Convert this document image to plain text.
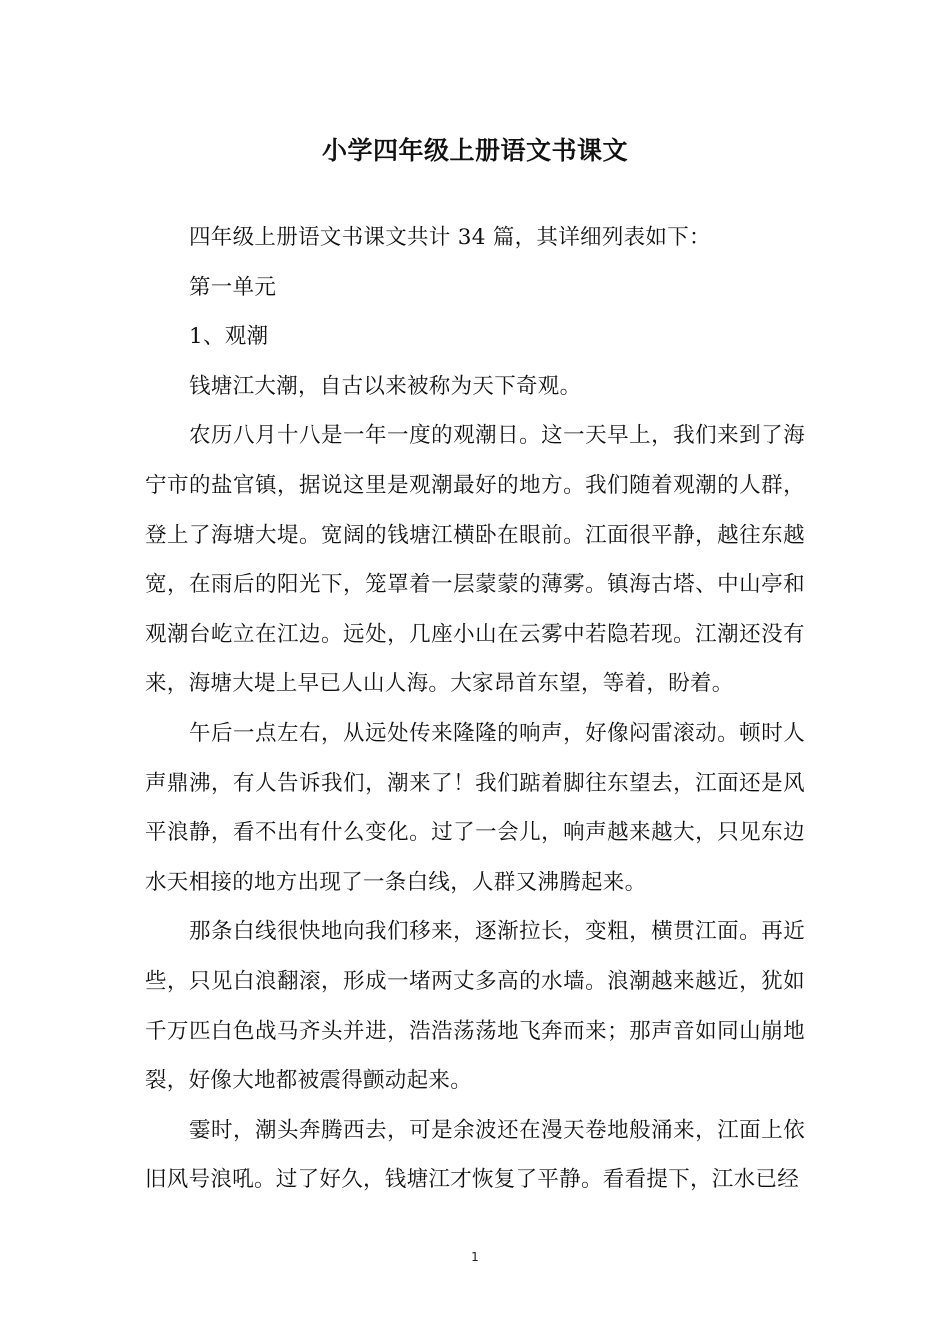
小学四年级上册语文书课文

四年级上册语文书课文共计 34 篇，其详细列表如下：

第一单元

1、观潮

钱塘江大潮，自古以来被称为天下奇观。

农历八月十八是一年一度的观潮日。这一天早上，我们来到了海宁市的盐官镇，据说这里是观潮最好的地方。我们随着观潮的人群，登上了海塘大堤。宽阔的钱塘江横卧在眼前。江面很平静，越往东越宽，在雨后的阳光下，笼罩着一层蒙蒙的薄雾。镇海古塔、中山亭和观潮台屹立在江边。远处，几座小山在云雾中若隐若现。江潮还没有来，海塘大堤上早已人山人海。大家昂首东望，等着，盼着。

午后一点左右，从远处传来隆隆的响声，好像闷雷滚动。顿时人声鼎沸，有人告诉我们，潮来了！我们踮着脚往东望去，江面还是风平浪静，看不出有什么变化。过了一会儿，响声越来越大，只见东边水天相接的地方出现了一条白线，人群又沸腾起来。

那条白线很快地向我们移来，逐渐拉长，变粗，横贯江面。再近些，只见白浪翻滚，形成一堵两丈多高的水墙。浪潮越来越近，犹如千万匹白色战马齐头并进，浩浩荡荡地飞奔而来；那声音如同山崩地裂，好像大地都被震得颤动起来。

霎时，潮头奔腾西去，可是余波还在漫天卷地般涌来，江面上依旧风号浪吼。过了好久，钱塘江才恢复了平静。看看提下，江水已经

1
